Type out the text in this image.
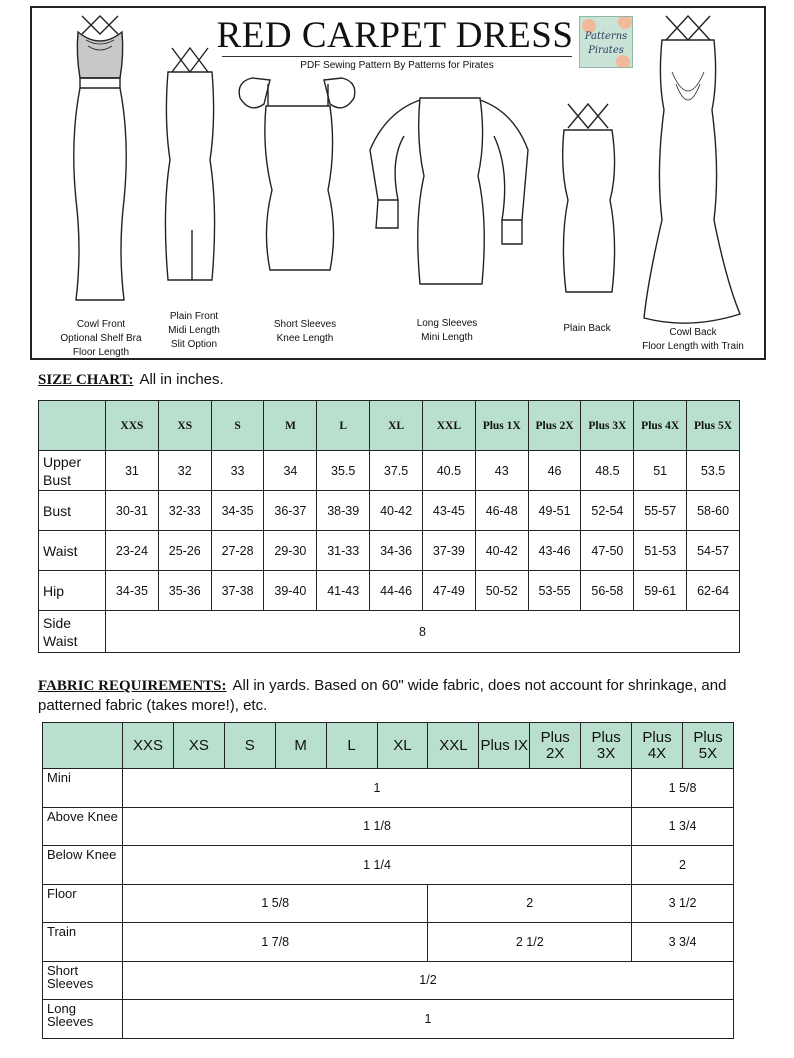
RED CARPET DRESS
PDF Sewing Pattern By Patterns for Pirates
Patterns
Pirates
Cowl Front
Optional Shelf Bra
Floor Length
Plain Front
Midi Length
Slit Option
Short Sleeves
Knee Length
Long Sleeves
Mini Length
Plain Back	Cowl Back
Floor Length with Train
SIZE CHART: All in inches.
	XXS	XS	S	M	L	XL	XXL	Plus 1X	Plus 2X	Plus 3X	Plus 4X	Plus 5X

Upper Bust	31	32	33	34	35.5	37.5	40.5	43	46	48.5	51	53.5
Bust	30-31	32-33	34-35	36-37	38-39	40-42	43-45	46-48	49-51	52-54	55-57	58-60
Waist	23-24	25-26	27-28	29-30	31-33	34-36	37-39	40-42	43-46	47-50	51-53	54-57
Hip	34-35	35-36	37-38	39-40	41-43	44-46	47-49	50-52	53-55	56-58	59-61	62-64
Side Waist	8											
FABRIC REQUIREMENTS: All in yards. Based on 60" wide fabric, does not account for shrinkage, and patterned fabric (takes more!), etc.
	XXS	XS	S	M	L	XL	XXL	Plus IX	Plus 2X	Plus 3X	Plus 4X	Plus 5X
Mini	1										1 5/8	
Above Knee	1 1/8										1 3/4	
Below Knee	1 1/4										2	
Floor	1 5/8						2				3 1/2	
Train	1 7/8						2 1/2				3 3/4	
Short Sleeves	1/2											
Long Sleeves	1											
